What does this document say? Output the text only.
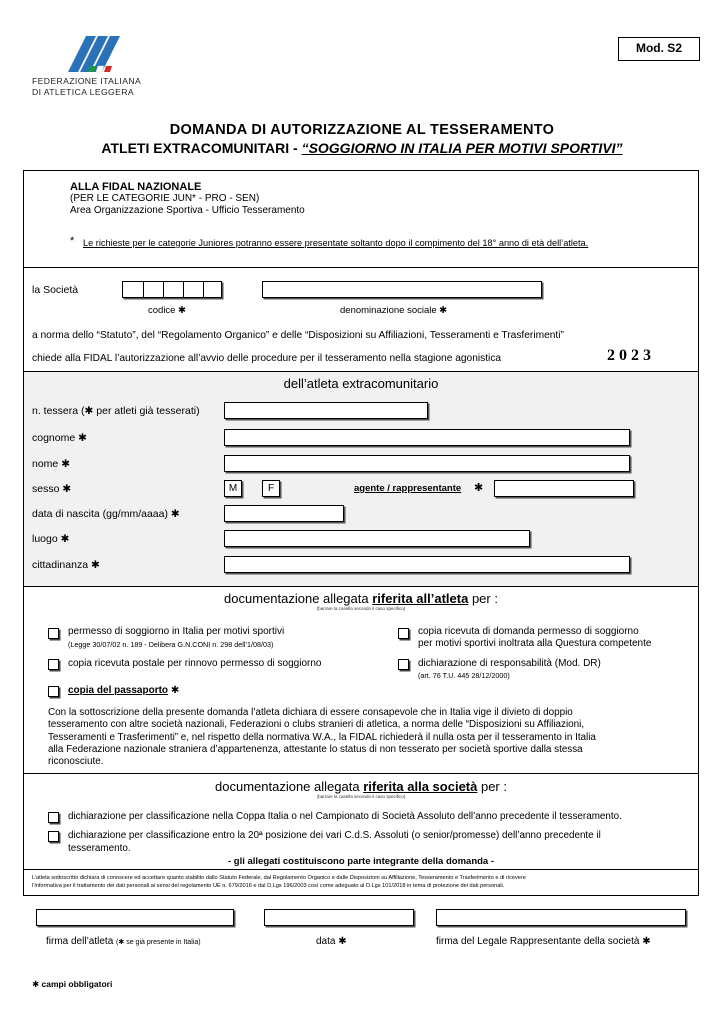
FEDERAZIONE ITALIANA
DI ATLETICA LEGGERA
Mod. S2
DOMANDA DI AUTORIZZAZIONE AL TESSERAMENTO
ATLETI EXTRACOMUNITARI - “SOGGIORNO IN ITALIA PER MOTIVI SPORTIVI”
ALLA FIDAL NAZIONALE
(PER LE CATEGORIE JUN* - PRO - SEN)
Area Organizzazione Sportiva - Ufficio Tesseramento
* Le richieste per le categorie Juniores potranno essere presentate soltanto dopo il compimento del 18° anno di età dell’atleta.
la Società
codice ✱	denominazione sociale ✱
a norma dello “Statuto”, del “Regolamento Organico” e delle “Disposizioni su Affiliazioni, Tesseramenti e Trasferimenti”
chiede alla FIDAL l’autorizzazione all’avvio delle procedure per il tesseramento nella stagione agonistica	2 0 2 3
dell’atleta extracomunitario
n. tessera (✱ per atleti già tesserati)
cognome ✱
nome ✱
sesso ✱	M	F	agente / rappresentante ✱
data di nascita (gg/mm/aaaa) ✱
luogo ✱
cittadinanza ✱
documentazione allegata riferita all’atleta per :
(barrare la casella secondo il caso specifico)
permesso di soggiorno in Italia per motivi sportivi
(Legge 30/07/02 n. 189 - Delibera G.N.CONI n. 298 dell’1/08/03)
copia ricevuta di domanda permesso di soggiorno
per motivi sportivi inoltrata alla Questura competente
copia ricevuta postale per rinnovo permesso di soggiorno	dichiarazione di responsabilità (Mod. DR)
(art. 76 T.U. 445 28/12/2000)
copia del passaporto ✱
Con la sottoscrizione della presente domanda l’atleta dichiara di essere consapevole che in Italia vige il divieto di doppio
tesseramento con altre società nazionali, Federazioni o clubs stranieri di atletica, a norma delle “Disposizioni su Affiliazioni,
Tesseramenti e Trasferimenti” e, nel rispetto della normativa W.A., la FIDAL richiederà il nulla osta per il tesseramento in Italia
alla Federazione nazionale straniera d’appartenenza, attestante lo status di non tesserato per società sportive dalla stessa
riconosciute.
documentazione allegata riferita alla società per :
(barrare la casella secondo il caso specifico)
dichiarazione per classificazione nella Coppa Italia o nel Campionato di Società Assoluto dell’anno precedente il tesseramento.
dichiarazione per classificazione entro la 20ª posizione dei vari C.d.S. Assoluti (o senior/promesse) dell’anno precedente il
tesseramento.
- gli allegati costituiscono parte integrante della domanda -
L’atleta sottoscritto dichiara di conoscere ed accettare quanto stabilito dallo Statuto Federale, dal Regolamento Organico e dalle Disposizioni su Affiliazione, Tesseramento e Trasferimento e di ricevere
l’informativa per il trattamento dei dati personali ai sensi del regolamento UE n. 679/2016 e dal D.Lgs 196/2003 così come adeguato al D.Lgs 101/2018 in tema di protezione dei dati personali.
firma dell’atleta (✱ se già presente in Italia)	data ✱	firma del Legale Rappresentante della società ✱
✱ campi obbligatori
